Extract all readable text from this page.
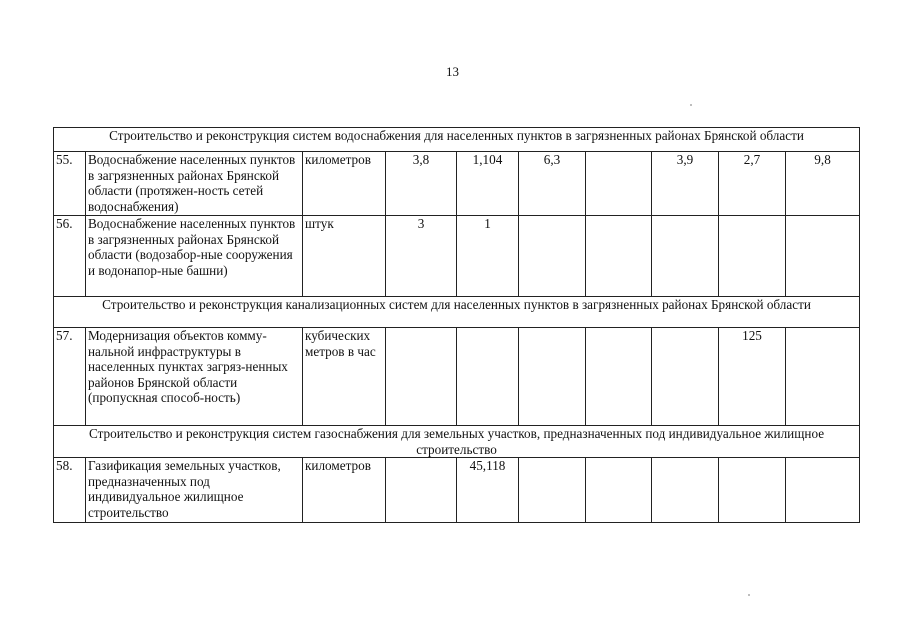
13
Строительство и реконструкция систем водоснабжения для населенных пунктов в загрязненных районах Брянской области									
55.	Водоснабжение населенных пунктов в загрязненных районах Брянской области (протяжен-ность сетей водоснабжения)	километров	3,8	1,104	6,3		3,9	2,7	9,8
56.	Водоснабжение населенных пунктов в загрязненных районах Брянской области (водозабор-ные сооружения и водонапор-ные башни)	штук	3	1					
Строительство и реконструкция канализационных систем для населенных пунктов в загрязненных районах Брянской области									
57.	Модернизация объектов комму-нальной инфраструктуры в населенных пунктах загряз-ненных районов Брянской области (пропускная способ-ность)	кубических метров в час						125	
Строительство и реконструкция систем газоснабжения для земельных участков, предназначенных под индивидуальное жилищное строительство									
58.	Газификация земельных участков, предназначенных под индивидуальное жилищное строительство	километров		45,118					
